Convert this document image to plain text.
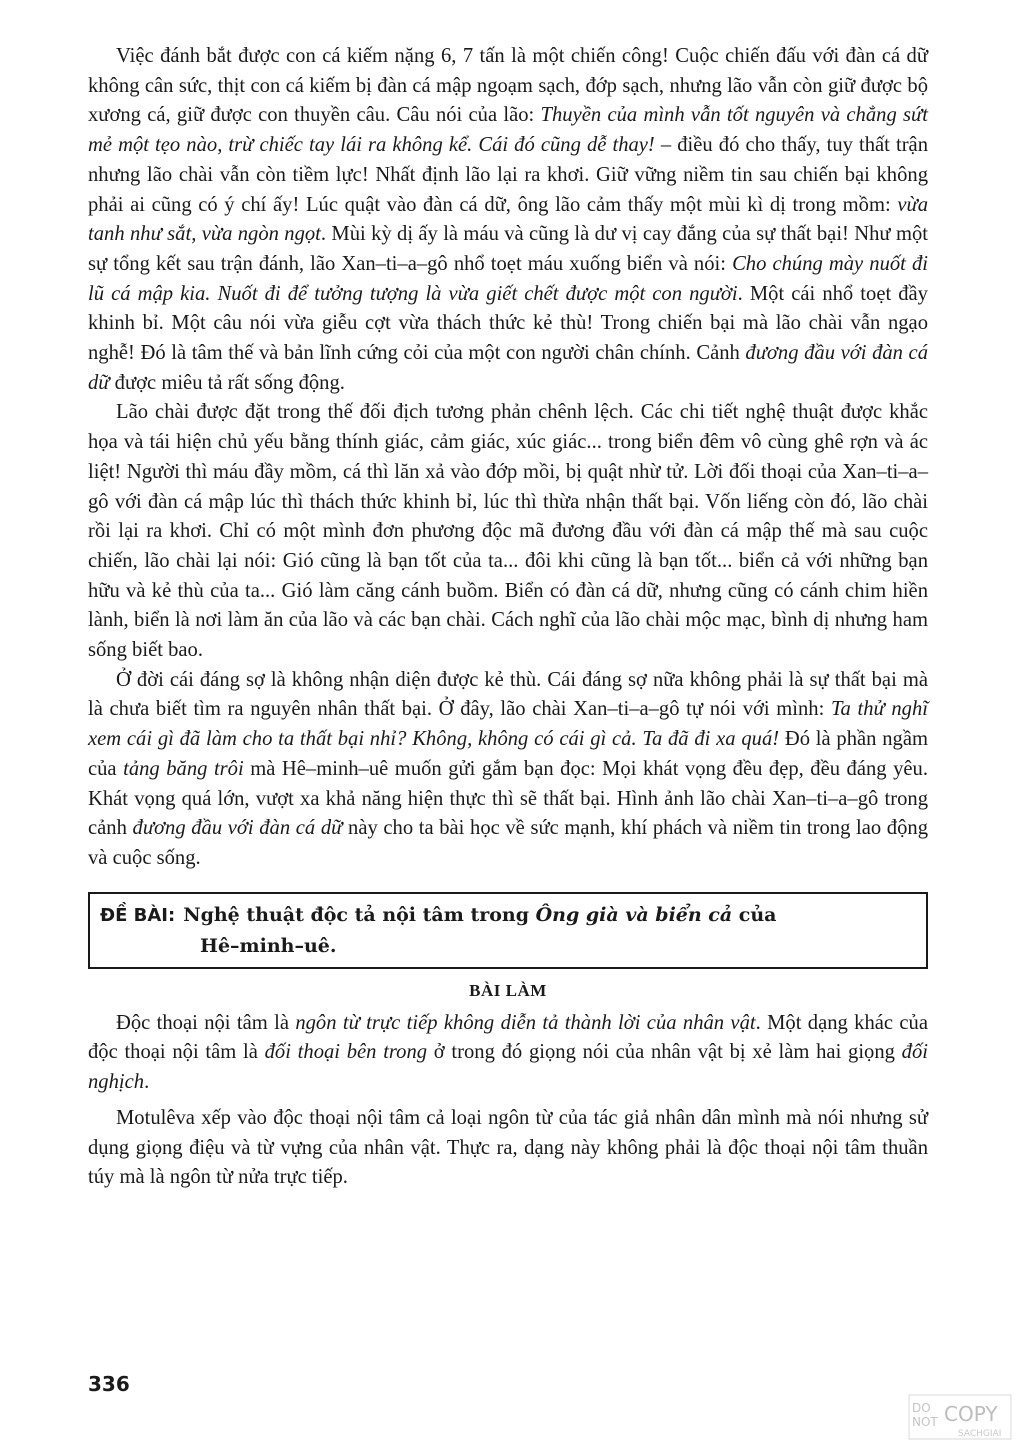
Việc đánh bắt được con cá kiếm nặng 6, 7 tấn là một chiến công! Cuộc chiến đấu với đàn cá dữ không cân sức, thịt con cá kiếm bị đàn cá mập ngoạm sạch, đớp sạch, nhưng lão vẫn còn giữ được bộ xương cá, giữ được con thuyền câu. Câu nói của lão: Thuyền của mình vẫn tốt nguyên và chẳng sứt mẻ một tẹo nào, trừ chiếc tay lái ra không kể. Cái đó cũng dễ thay! – điều đó cho thấy, tuy thất trận nhưng lão chài vẫn còn tiềm lực! Nhất định lão lại ra khơi. Giữ vững niềm tin sau chiến bại không phải ai cũng có ý chí ấy! Lúc quật vào đàn cá dữ, ông lão cảm thấy một mùi kì dị trong mồm: vừa tanh như sắt, vừa ngòn ngọt. Mùi kỳ dị ấy là máu và cũng là dư vị cay đắng của sự thất bại! Như một sự tổng kết sau trận đánh, lão Xan–ti–a–gô nhổ toẹt máu xuống biển và nói: Cho chúng mày nuốt đi lũ cá mập kia. Nuốt đi để tưởng tượng là vừa giết chết được một con người. Một cái nhổ toẹt đầy khinh bỉ. Một câu nói vừa giễu cợt vừa thách thức kẻ thù! Trong chiến bại mà lão chài vẫn ngạo nghễ! Đó là tâm thế và bản lĩnh cứng cỏi của một con người chân chính. Cảnh đương đầu với đàn cá dữ được miêu tả rất sống động.

Lão chài được đặt trong thế đối địch tương phản chênh lệch. Các chi tiết nghệ thuật được khắc họa và tái hiện chủ yếu bằng thính giác, cảm giác, xúc giác... trong biển đêm vô cùng ghê rợn và ác liệt! Người thì máu đầy mồm, cá thì lăn xả vào đớp mồi, bị quật nhừ tử. Lời đối thoại của Xan–ti–a–gô với đàn cá mập lúc thì thách thức khinh bỉ, lúc thì thừa nhận thất bại. Vốn liếng còn đó, lão chài rồi lại ra khơi. Chỉ có một mình đơn phương độc mã đương đầu với đàn cá mập thế mà sau cuộc chiến, lão chài lại nói: Gió cũng là bạn tốt của ta... đôi khi cũng là bạn tốt... biển cả với những bạn hữu và kẻ thù của ta... Gió làm căng cánh buồm. Biển có đàn cá dữ, nhưng cũng có cánh chim hiền lành, biển là nơi làm ăn của lão và các bạn chài. Cách nghĩ của lão chài mộc mạc, bình dị nhưng ham sống biết bao.

Ở đời cái đáng sợ là không nhận diện được kẻ thù. Cái đáng sợ nữa không phải là sự thất bại mà là chưa biết tìm ra nguyên nhân thất bại. Ở đây, lão chài Xan–ti–a–gô tự nói với mình: Ta thử nghĩ xem cái gì đã làm cho ta thất bại nhỉ? Không, không có cái gì cả. Ta đã đi xa quá! Đó là phần ngầm của tảng băng trôi mà Hê–minh–uê muốn gửi gắm bạn đọc: Mọi khát vọng đều đẹp, đều đáng yêu. Khát vọng quá lớn, vượt xa khả năng hiện thực thì sẽ thất bại. Hình ảnh lão chài Xan–ti–a–gô trong cảnh đương đầu với đàn cá dữ này cho ta bài học về sức mạnh, khí phách và niềm tin trong lao động và cuộc sống.

ĐỀ BÀI: Nghệ thuật độc tả nội tâm trong Ông già và biển cả của
Hê–minh–uê.
BÀI LÀM

Độc thoại nội tâm là ngôn từ trực tiếp không diễn tả thành lời của nhân vật. Một dạng khác của độc thoại nội tâm là đối thoại bên trong ở trong đó giọng nói của nhân vật bị xẻ làm hai giọng đối nghịch.

Motulêva xếp vào độc thoại nội tâm cả loại ngôn từ của tác giả nhân dân mình mà nói nhưng sử dụng giọng điệu và từ vựng của nhân vật. Thực ra, dạng này không phải là độc thoại nội tâm thuần túy mà là ngôn từ nửa trực tiếp.

336
DO
NOT COPY
SACHGIAI
